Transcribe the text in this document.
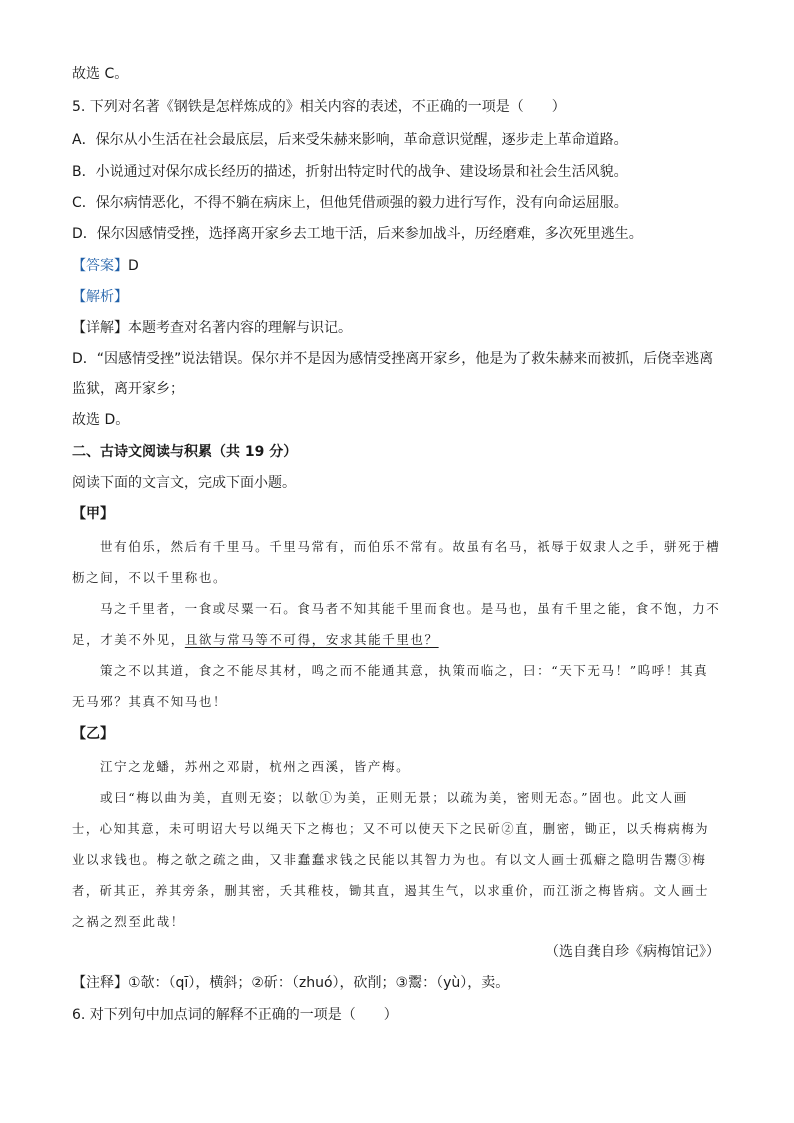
故选 C。
5. 下列对名著《钢铁是怎样炼成的》相关内容的表述，不正确的一项是（　　）
A．保尔从小生活在社会最底层，后来受朱赫来影响，革命意识觉醒，逐步走上革命道路。
B．小说通过对保尔成长经历的描述，折射出特定时代的战争、建设场景和社会生活风貌。
C．保尔病情恶化，不得不躺在病床上，但他凭借顽强的毅力进行写作，没有向命运屈服。
D．保尔因感情受挫，选择离开家乡去工地干活，后来参加战斗，历经磨难，多次死里逃生。
【答案】D
【解析】
【详解】本题考查对名著内容的理解与识记。
D．“因感情受挫”说法错误。保尔并不是因为感情受挫离开家乡，他是为了救朱赫来而被抓，后侥幸逃离
监狱，离开家乡；
故选 D。
二、古诗文阅读与积累（共 19 分）
阅读下面的文言文，完成下面小题。
【甲】
世有伯乐，然后有千里马。千里马常有，而伯乐不常有。故虽有名马，祇辱于奴隶人之手，骈死于槽
枥之间，不以千里称也。
马之千里者，一食或尽粟一石。食马者不知其能千里而食也。是马也，虽有千里之能，食不饱，力不
足，才美不外见，且欲与常马等不可得，安求其能千里也？
策之不以其道，食之不能尽其材，鸣之而不能通其意，执策而临之，曰：“天下无马！”呜呼！其真
无马邪？其真不知马也！
【乙】
江宁之龙蟠，苏州之邓尉，杭州之西溪，皆产梅。
或曰“梅以曲为美，直则无姿；以欹①为美，正则无景；以疏为美，密则无态。”固也。此文人画
士，心知其意，未可明诏大号以绳天下之梅也；又不可以使天下之民斫②直，删密，锄正，以夭梅病梅为
业以求钱也。梅之欹之疏之曲，又非蠢蠢求钱之民能以其智力为也。有以文人画士孤癖之隐明告鬻③梅
者，斫其正，养其旁条，删其密，夭其稚枝，锄其直，遏其生气，以求重价，而江浙之梅皆病。文人画士
之祸之烈至此哉！
（选自龚自珍《病梅馆记》）
【注释】①欹：（qī），横斜；②斫：（zhuó），砍削；③鬻：（yù），卖。
6. 对下列句中加点词的解释不正确的一项是（　　）
